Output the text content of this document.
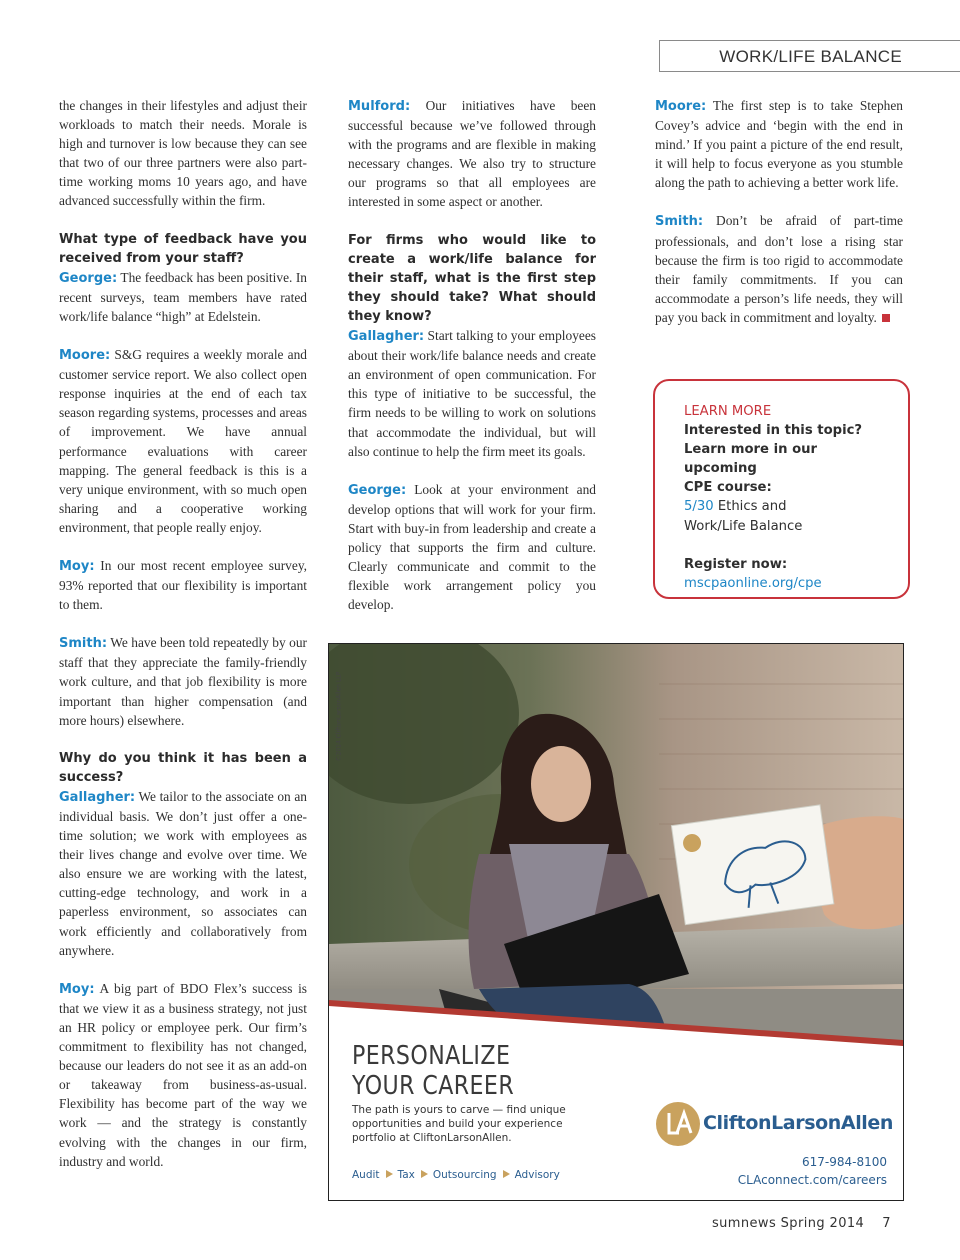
WORK/LIFE BALANCE

the changes in their lifestyles and adjust their workloads to match their needs. Morale is high and turnover is low because they can see that two of our three partners were also part-time working moms 10 years ago, and have advanced successfully within the firm.

What type of feedback have you received from your staff?

George: The feedback has been positive. In recent surveys, team members have rated work/life balance “high” at Edelstein.

Moore: S&G requires a weekly morale and customer service report. We also collect open response inquiries at the end of each tax season regarding systems, processes and areas of improvement. We have annual performance evaluations with career mapping. The general feedback is this is a very unique environment, with so much open sharing and a cooperative working environment, that people really enjoy.

Moy: In our most recent employee survey, 93% reported that our flexibility is important to them.

Smith: We have been told repeatedly by our staff that they appreciate the family-friendly work culture, and that job flexibility is more important than higher compensation (and more hours) elsewhere.

Why do you think it has been a success?

Gallagher: We tailor to the associate on an individual basis. We don’t just offer a one-time solution; we work with employees as their lives change and evolve over time. We also ensure we are working with the latest, cutting-edge technology, and work in a paperless environment, so associates can work efficiently and collaboratively from anywhere.

Moy: A big part of BDO Flex’s success is that we view it as a business strategy, not just an HR policy or employee perk. Our firm’s commitment to flexibility has not changed, because our leaders do not see it as an add-on or takeaway from business-as-usual. Flexibility has become part of the way we work — and the strategy is constantly evolving with the changes in our firm, industry and world.

Mulford: Our initiatives have been successful because we’ve followed through with the programs and are flexible in making necessary changes. We also try to structure our programs so that all employees are interested in some aspect or another.

For firms who would like to create a work/life balance for their staff, what is the first step they should take? What should they know?

Gallagher: Start talking to your employees about their work/life balance needs and create an environment of open communication. For this type of initiative to be successful, the firm needs to be willing to work on solutions that accommodate the individual, but will also continue to help the firm meet its goals.

George: Look at your environment and develop options that will work for your firm. Start with buy-in from leadership and create a policy that supports the firm and culture. Clearly communicate and commit to the flexible work arrangement policy you develop.

Moore: The first step is to take Stephen Covey’s advice and ‘begin with the end in mind.’ If you paint a picture of the end result, it will help to focus everyone as you stumble along the path to achieving a better work life.

Smith: Don’t be afraid of part-time professionals, and don’t lose a rising star because the firm is too rigid to accommodate their family commitments. If you can accommodate a person’s life needs, they will pay you back in commitment and loyalty.

LEARN MORE
Interested in this topic?
Learn more in our upcoming
CPE course:
5/30 Ethics and
Work/Life Balance
Register now:
mscpaonline.org/cpe
©2014 CliftonLarsonAllen LLP
PERSONALIZE
YOUR CAREER
The path is yours to carve — find unique opportunities and build your experience portfolio at CliftonLarsonAllen.
Audit Tax Outsourcing Advisory
CliftonLarsonAllen
617-984-8100
CLAconnect.com/careers
sumnews Spring 2014 7
